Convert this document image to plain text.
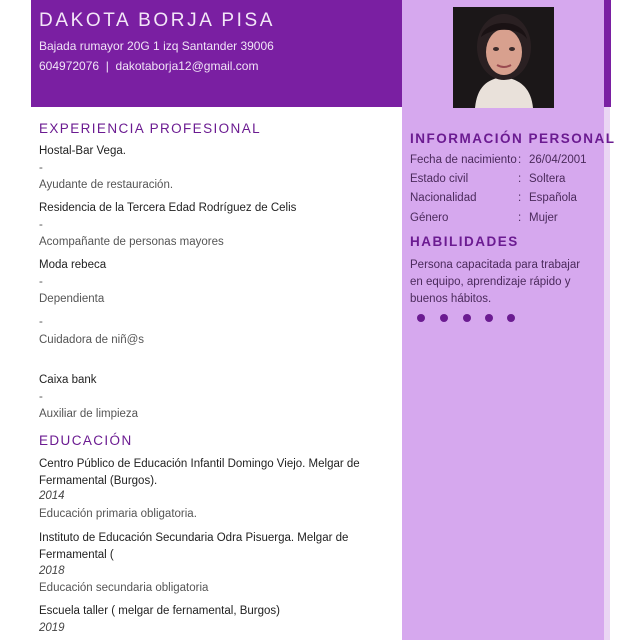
DAKOTA BORJA PISA
Bajada rumayor 20G 1 izq Santander 39006
604972076  |  dakotaborja12@gmail.com
INFORMACIÓN PERSONAL
Fecha de nacimiento : 26/04/2001
Estado civil	: Soltera
Nacionalidad	: Española
Género	: Mujer
HABILIDADES
Persona capacitada para trabajar en equipo, aprendizaje rápido y buenos hábitos.
EXPERIENCIA PROFESIONAL
Hostal-Bar Vega.
-
Ayudante de restauración.
Residencia de la Tercera Edad Rodríguez de Celis
-
Acompañante de personas mayores
Moda rebeca
-
Dependienta
-
Cuidadora de niñ@s
Caixa bank
-
Auxiliar de limpieza
EDUCACIÓN
Centro Público de Educación Infantil Domingo Viejo. Melgar de Fermamental (Burgos).
2014
Educación primaria obligatoria.
Instituto de Educación Secundaria Odra Pisuerga. Melgar de Fermamental (
2018
Educación secundaria obligatoria
Escuela taller ( melgar de fernamental, Burgos)
2019
